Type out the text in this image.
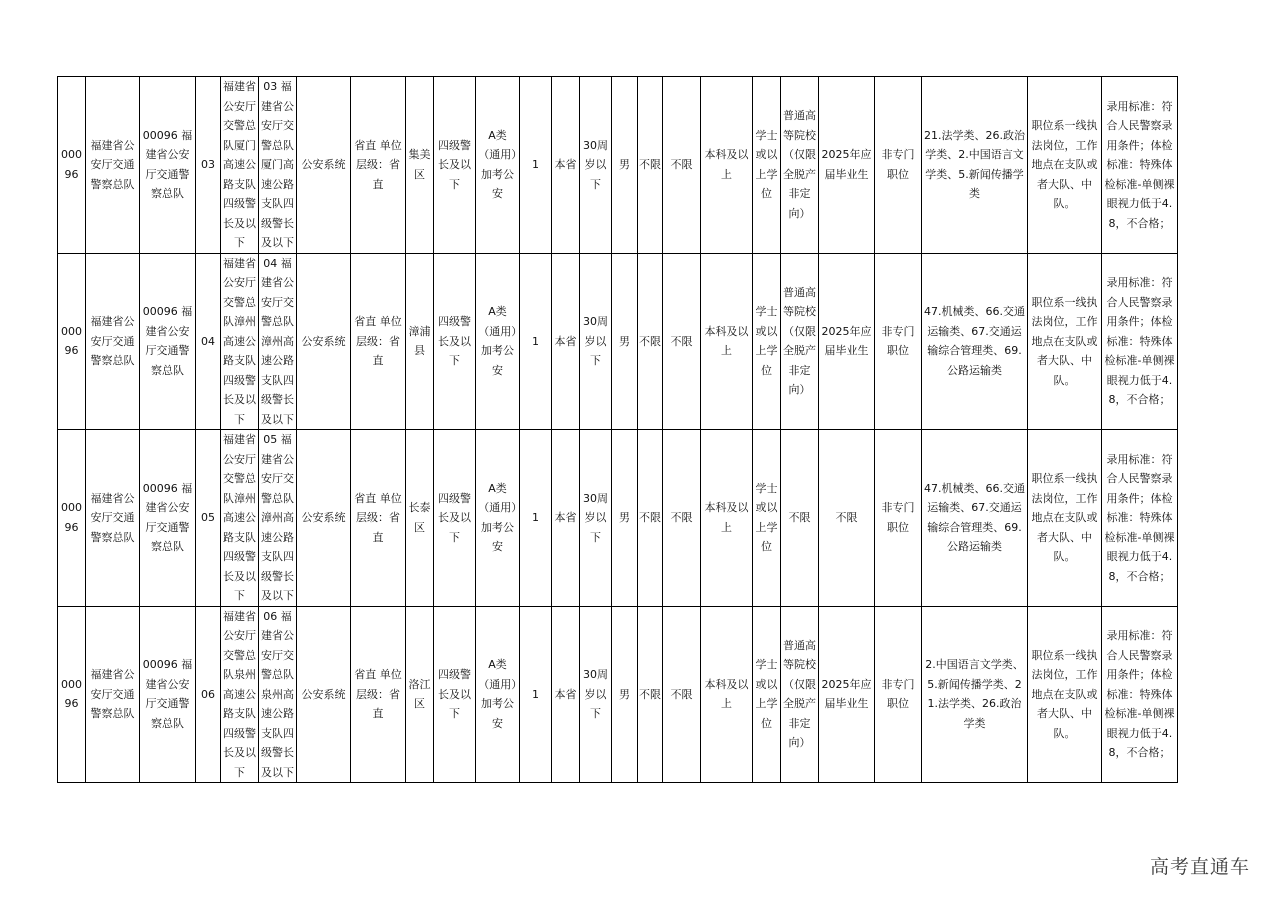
00096	福建省公安厅交通警察总队	00096 福建省公安厅交通警察总队	03	福建省公安厅交警总队厦门高速公路支队四级警长及以下	03 福建省公安厅交警总队厦门高速公路支队四级警长及以下	公安系统	省直 单位层级：省直	集美区	四级警长及以下	A类（通用）加考公安	1	本省	30周岁以下	男	不限	不限	本科及以上	学士或以上学位	普通高等院校（仅限全脱产非定向）	2025年应届毕业生	非专门职位	21.法学类、26.政治学类、2.中国语言文学类、5.新闻传播学类	职位系一线执法岗位，工作地点在支队或者大队、中队。	录用标准：符合人民警察录用条件；体检标准：特殊体检标准-单侧裸眼视力低于4.8，不合格；
00096	福建省公安厅交通警察总队	00096 福建省公安厅交通警察总队	04	福建省公安厅交警总队漳州高速公路支队四级警长及以下	04 福建省公安厅交警总队漳州高速公路支队四级警长及以下	公安系统	省直 单位层级：省直	漳浦县	四级警长及以下	A类（通用）加考公安	1	本省	30周岁以下	男	不限	不限	本科及以上	学士或以上学位	普通高等院校（仅限全脱产非定向）	2025年应届毕业生	非专门职位	47.机械类、66.交通运输类、67.交通运输综合管理类、69.公路运输类	职位系一线执法岗位，工作地点在支队或者大队、中队。	录用标准：符合人民警察录用条件；体检标准：特殊体检标准-单侧裸眼视力低于4.8，不合格；
00096	福建省公安厅交通警察总队	00096 福建省公安厅交通警察总队	05	福建省公安厅交警总队漳州高速公路支队四级警长及以下	05 福建省公安厅交警总队漳州高速公路支队四级警长及以下	公安系统	省直 单位层级：省直	长泰区	四级警长及以下	A类（通用）加考公安	1	本省	30周岁以下	男	不限	不限	本科及以上	学士或以上学位	不限	不限	非专门职位	47.机械类、66.交通运输类、67.交通运输综合管理类、69.公路运输类	职位系一线执法岗位，工作地点在支队或者大队、中队。	录用标准：符合人民警察录用条件；体检标准：特殊体检标准-单侧裸眼视力低于4.8，不合格；
00096	福建省公安厅交通警察总队	00096 福建省公安厅交通警察总队	06	福建省公安厅交警总队泉州高速公路支队四级警长及以下	06 福建省公安厅交警总队泉州高速公路支队四级警长及以下	公安系统	省直 单位层级：省直	洛江区	四级警长及以下	A类（通用）加考公安	1	本省	30周岁以下	男	不限	不限	本科及以上	学士或以上学位	普通高等院校（仅限全脱产非定向）	2025年应届毕业生	非专门职位	2.中国语言文学类、5.新闻传播学类、21.法学类、26.政治学类	职位系一线执法岗位，工作地点在支队或者大队、中队。	录用标准：符合人民警察录用条件；体检标准：特殊体检标准-单侧裸眼视力低于4.8，不合格；
高考直通车
